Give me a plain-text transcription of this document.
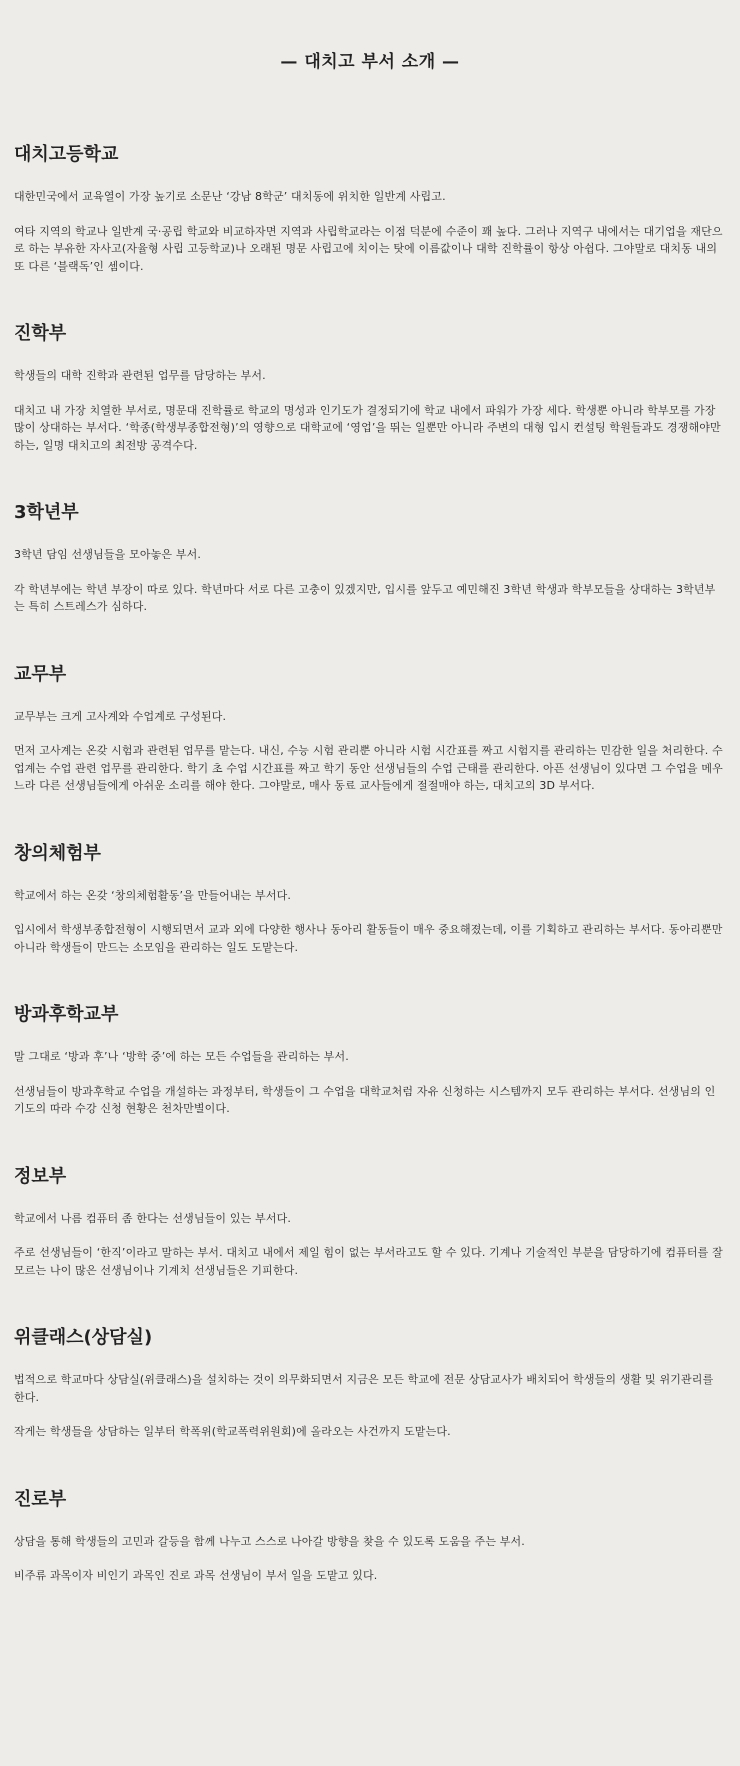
— 대치고 부서 소개 —
대치고등학교

대한민국에서 교육열이 가장 높기로 소문난 ‘강남 8학군’ 대치동에 위치한 일반계 사립고.

여타 지역의 학교나 일반계 국·공립 학교와 비교하자면 지역과 사립학교라는 이점 덕분에 수준이 꽤 높다. 그러나 지역구 내에서는 대기업을 재단으로 하는 부유한 자사고(자율형 사립 고등학교)나 오래된 명문 사립고에 치이는 탓에 이름값이나 대학 진학률이 항상 아쉽다. 그야말로 대치동 내의 또 다른 ‘블랙독’인 셈이다.

진학부

학생들의 대학 진학과 관련된 업무를 담당하는 부서.

대치고 내 가장 치열한 부서로, 명문대 진학률로 학교의 명성과 인기도가 결정되기에 학교 내에서 파워가 가장 세다. 학생뿐 아니라 학부모를 가장 많이 상대하는 부서다. ‘학종(학생부종합전형)’의 영향으로 대학교에 ‘영업’을 뛰는 일뿐만 아니라 주변의 대형 입시 컨설팅 학원들과도 경쟁해야만 하는, 일명 대치고의 최전방 공격수다.

3학년부

3학년 담임 선생님들을 모아놓은 부서.

각 학년부에는 학년 부장이 따로 있다. 학년마다 서로 다른 고충이 있겠지만, 입시를 앞두고 예민해진 3학년 학생과 학부모들을 상대하는 3학년부는 특히 스트레스가 심하다.

교무부

교무부는 크게 고사계와 수업계로 구성된다.

먼저 고사계는 온갖 시험과 관련된 업무를 맡는다. 내신, 수능 시험 관리뿐 아니라 시험 시간표를 짜고 시험지를 관리하는 민감한 일을 처리한다. 수업계는 수업 관련 업무를 관리한다. 학기 초 수업 시간표를 짜고 학기 동안 선생님들의 수업 근태를 관리한다. 아픈 선생님이 있다면 그 수업을 메우느라 다른 선생님들에게 아쉬운 소리를 해야 한다. 그야말로, 매사 동료 교사들에게 절절매야 하는, 대치고의 3D 부서다.

창의체험부

학교에서 하는 온갖 ‘창의체험활동’을 만들어내는 부서다.

입시에서 학생부종합전형이 시행되면서 교과 외에 다양한 행사나 동아리 활동들이 매우 중요해졌는데, 이를 기획하고 관리하는 부서다. 동아리뿐만 아니라 학생들이 만드는 소모임을 관리하는 일도 도맡는다.

방과후학교부

말 그대로 ‘방과 후’나 ‘방학 중’에 하는 모든 수업들을 관리하는 부서.

선생님들이 방과후학교 수업을 개설하는 과정부터, 학생들이 그 수업을 대학교처럼 자유 신청하는 시스템까지 모두 관리하는 부서다. 선생님의 인기도의 따라 수강 신청 현황은 천차만별이다.

정보부

학교에서 나름 컴퓨터 좀 한다는 선생님들이 있는 부서다.

주로 선생님들이 ‘한직’이라고 말하는 부서. 대치고 내에서 제일 힘이 없는 부서라고도 할 수 있다. 기계나 기술적인 부분을 담당하기에 컴퓨터를 잘 모르는 나이 많은 선생님이나 기계치 선생님들은 기피한다.

위클래스(상담실)

법적으로 학교마다 상담실(위클래스)을 설치하는 것이 의무화되면서 지금은 모든 학교에 전문 상담교사가 배치되어 학생들의 생활 및 위기관리를 한다.

작게는 학생들을 상담하는 일부터 학폭위(학교폭력위원회)에 올라오는 사건까지 도맡는다.

진로부

상담을 통해 학생들의 고민과 갈등을 함께 나누고 스스로 나아갈 방향을 찾을 수 있도록 도움을 주는 부서.

비주류 과목이자 비인기 과목인 진로 과목 선생님이 부서 일을 도맡고 있다.
